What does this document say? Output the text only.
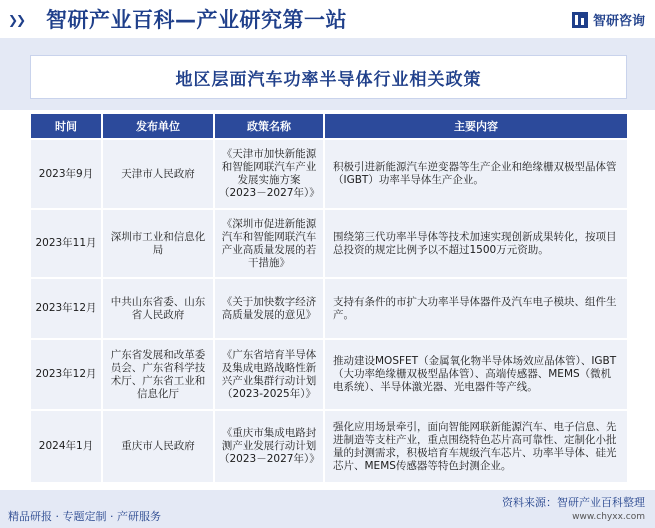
❯❯ 智研产业百科—产业研究第一站	智研咨询
地区层面汽车功率半导体行业相关政策
时间	发布单位	政策名称	主要内容
2023年9月	天津市人民政府	《天津市加快新能源和智能网联汽车产业发展实施方案（2023－2027年）》	积极引进新能源汽车逆变器等生产企业和绝缘栅双极型晶体管（IGBT）功率半导体生产企业。
2023年11月	深圳市工业和信息化局	《深圳市促进新能源汽车和智能网联汽车产业高质量发展的若干措施》	围绕第三代功率半导体等技术加速实现创新成果转化，按项目总投资的规定比例予以不超过1500万元资助。
2023年12月	中共山东省委、山东省人民政府	《关于加快数字经济高质量发展的意见》	支持有条件的市扩大功率半导体器件及汽车电子模块、组件生产。
2023年12月	广东省发展和改革委员会、广东省科学技术厅、广东省工业和信息化厅	《广东省培育半导体及集成电路战略性新兴产业集群行动计划（2023-2025年）》	推动建设MOSFET（金属氧化物半导体场效应晶体管）、IGBT（大功率绝缘栅双极型晶体管）、高端传感器、MEMS（微机电系统）、半导体激光器、光电器件等产线。
2024年1月	重庆市人民政府	《重庆市集成电路封测产业发展行动计划（2023－2027年）》	强化应用场景牵引，面向智能网联新能源汽车、电子信息、先进制造等支柱产业，重点围绕特色芯片高可靠性、定制化小批量的封测需求，积极培育车规级汽车芯片、功率半导体、硅光芯片、MEMS传感器等特色封测企业。
精品研报 · 专题定制 · 产研服务
资料来源：智研产业百科整理
www.chyxx.com
